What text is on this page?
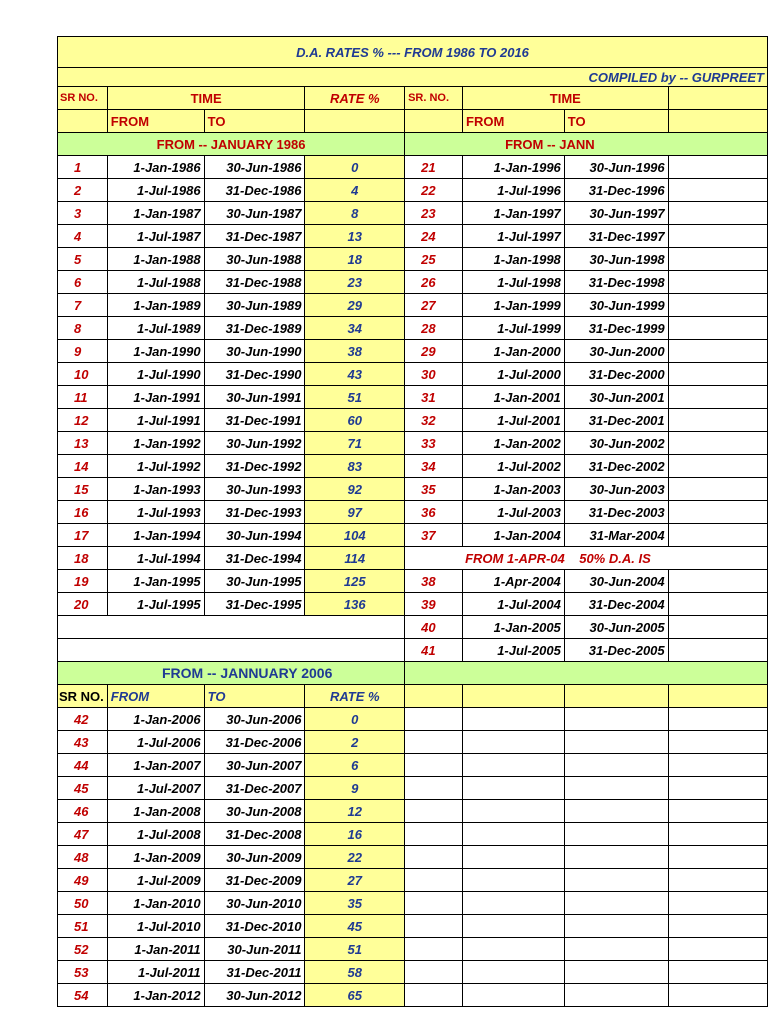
D.A. RATES % --- FROM 1986 TO 2016							
COMPILED by -- GURPREET							
SR NO.	TIME		RATE %	SR. NO.	TIME		
	FROM	TO			FROM	TO	
FROM -- JANUARY 1986				FROM -- JANN			
1	1-Jan-1986	30-Jun-1986	0	21	1-Jan-1996	30-Jun-1996	
2	1-Jul-1986	31-Dec-1986	4	22	1-Jul-1996	31-Dec-1996	
3	1-Jan-1987	30-Jun-1987	8	23	1-Jan-1997	30-Jun-1997	
4	1-Jul-1987	31-Dec-1987	13	24	1-Jul-1997	31-Dec-1997	
5	1-Jan-1988	30-Jun-1988	18	25	1-Jan-1998	30-Jun-1998	
6	1-Jul-1988	31-Dec-1988	23	26	1-Jul-1998	31-Dec-1998	
7	1-Jan-1989	30-Jun-1989	29	27	1-Jan-1999	30-Jun-1999	
8	1-Jul-1989	31-Dec-1989	34	28	1-Jul-1999	31-Dec-1999	
9	1-Jan-1990	30-Jun-1990	38	29	1-Jan-2000	30-Jun-2000	
10	1-Jul-1990	31-Dec-1990	43	30	1-Jul-2000	31-Dec-2000	
11	1-Jan-1991	30-Jun-1991	51	31	1-Jan-2001	30-Jun-2001	
12	1-Jul-1991	31-Dec-1991	60	32	1-Jul-2001	31-Dec-2001	
13	1-Jan-1992	30-Jun-1992	71	33	1-Jan-2002	30-Jun-2002	
14	1-Jul-1992	31-Dec-1992	83	34	1-Jul-2002	31-Dec-2002	
15	1-Jan-1993	30-Jun-1993	92	35	1-Jan-2003	30-Jun-2003	
16	1-Jul-1993	31-Dec-1993	97	36	1-Jul-2003	31-Dec-2003	
17	1-Jan-1994	30-Jun-1994	104	37	1-Jan-2004	31-Mar-2004	
18	1-Jul-1994	31-Dec-1994	114	FROM 1-APR-04    50% D.A. IS			
19	1-Jan-1995	30-Jun-1995	125	38	1-Apr-2004	30-Jun-2004	
20	1-Jul-1995	31-Dec-1995	136	39	1-Jul-2004	31-Dec-2004	
				40	1-Jan-2005	30-Jun-2005	
				41	1-Jul-2005	31-Dec-2005	
FROM -- JANNUARY 2006							
SR NO.	FROM	TO	RATE %				
42	1-Jan-2006	30-Jun-2006	0				
43	1-Jul-2006	31-Dec-2006	2				
44	1-Jan-2007	30-Jun-2007	6				
45	1-Jul-2007	31-Dec-2007	9				
46	1-Jan-2008	30-Jun-2008	12				
47	1-Jul-2008	31-Dec-2008	16				
48	1-Jan-2009	30-Jun-2009	22				
49	1-Jul-2009	31-Dec-2009	27				
50	1-Jan-2010	30-Jun-2010	35				
51	1-Jul-2010	31-Dec-2010	45				
52	1-Jan-2011	30-Jun-2011	51				
53	1-Jul-2011	31-Dec-2011	58				
54	1-Jan-2012	30-Jun-2012	65				
